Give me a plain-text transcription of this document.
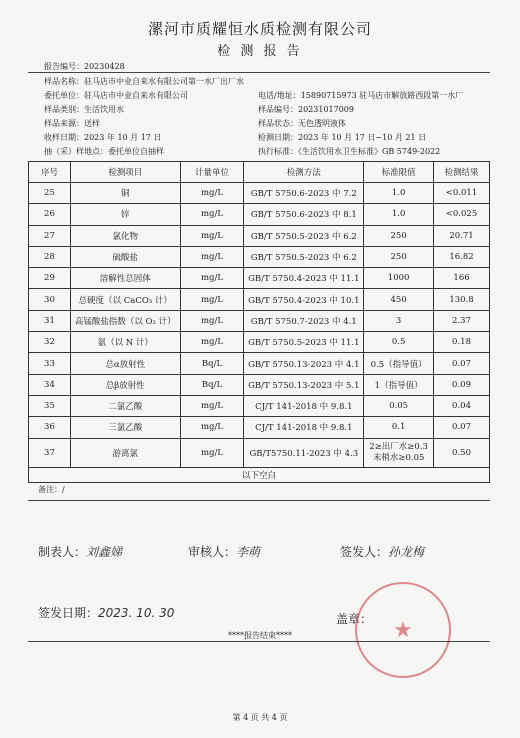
漯河市质耀恒水质检测有限公司
检 测 报 告
报告编号：20230428
样品名称：驻马店市中业自来水有限公司第一水厂出厂水
委托单位：驻马店市中业自来水有限公司	电话/地址：15890715973 驻马店市解放路西段第一水厂
样品类别：生活饮用水	样品编号：20231017009
样品来源：送样	样品状态：无色透明液体
收样日期：2023 年 10 月 17 日	检测日期：2023 年 10 月 17 日~10 月 21 日
抽（采）样地点：委托单位自抽样	执行标准：《生活饮用水卫生标准》GB 5749-2022
序号	检测项目	计量单位	检测方法	标准限值	检测结果
25	铜	mg/L	GB/T 5750.6-2023 中 7.2	1.0	<0.011
26	锌	mg/L	GB/T 5750.6-2023 中 8.1	1.0	<0.025
27	氯化物	mg/L	GB/T 5750.5-2023 中 6.2	250	20.71
28	硫酸盐	mg/L	GB/T 5750.5-2023 中 6.2	250	16.82
29	溶解性总固体	mg/L	GB/T 5750.4-2023 中 11.1	1000	166
30	总硬度（以 CaCO₃ 计）	mg/L	GB/T 5750.4-2023 中 10.1	450	130.8
31	高锰酸盐指数（以 O₂ 计）	mg/L	GB/T 5750.7-2023 中 4.1	3	2.37
32	氨（以 N 计）	mg/L	GB/T 5750.5-2023 中 11.1	0.5	0.18
33	总α放射性	Bq/L	GB/T 5750.13-2023 中 4.1	0.5（指导值）	0.07
34	总β放射性	Bq/L	GB/T 5750.13-2023 中 5.1	1（指导值）	0.09
35	二氯乙酸	mg/L	CJ/T 141-2018 中 9.8.1	0.05	0.04
36	三氯乙酸	mg/L	CJ/T 141-2018 中 9.8.1	0.1	0.07
37	游离氯	mg/L	GB/T5750.11-2023 中 4.3	2≥出厂水≥0.3
末梢水≥0.05	0.50
以下空白					
备注：/
制表人：刘鑫娣	审核人：李萌	签发人：孙龙梅
签发日期：2023. 10. 30	盖章： ★
****报告结束****
第 4 页 共 4 页
